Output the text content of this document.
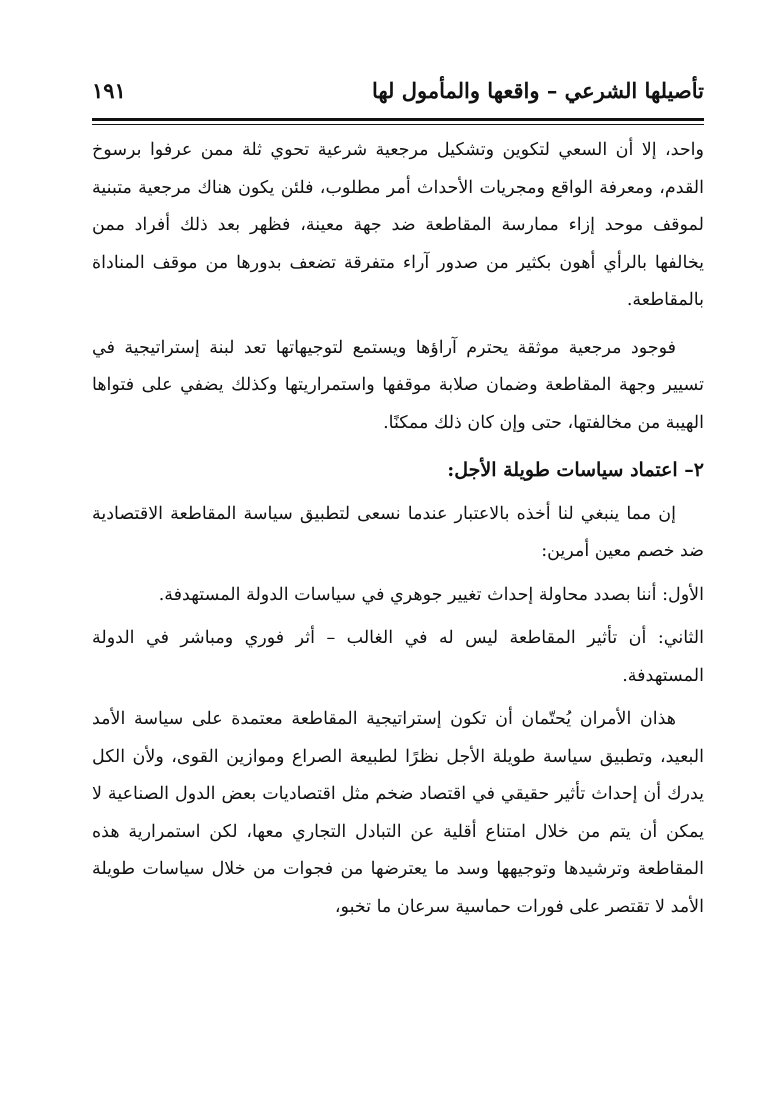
تأصيلها الشرعي – واقعها والمأمول لها
١٩١

واحد، إلا أن السعي لتكوين وتشكيل مرجعية شرعية تحوي ثلة ممن عرفوا برسوخ القدم، ومعرفة الواقع ومجريات الأحداث أمر مطلوب، فلئن يكون هناك مرجعية متبنية لموقف موحد إزاء ممارسة المقاطعة ضد جهة معينة، فظهر بعد ذلك أفراد ممن يخالفها بالرأي أهون بكثير من صدور آراء متفرقة تضعف بدورها من موقف المناداة بالمقاطعة.

فوجود مرجعية موثقة يحترم آراؤها ويستمع لتوجيهاتها تعد لبنة إستراتيجية في تسيير وجهة المقاطعة وضمان صلابة موقفها واستمراريتها وكذلك يضفي على فتواها الهيبة من مخالفتها، حتى وإن كان ذلك ممكنًا.

٢– اعتماد سياسات طويلة الأجل:

إن مما ينبغي لنا أخذه بالاعتبار عندما نسعى لتطبيق سياسة المقاطعة الاقتصادية ضد خصم معين أمرين:

الأول: أننا بصدد محاولة إحداث تغيير جوهري في سياسات الدولة المستهدفة.

الثاني: أن تأثير المقاطعة ليس له في الغالب – أثر فوري ومباشر في الدولة المستهدفة.

هذان الأمران يُحتّمان أن تكون إستراتيجية المقاطعة معتمدة على سياسة الأمد البعيد، وتطبيق سياسة طويلة الأجل نظرًا لطبيعة الصراع وموازين القوى، ولأن الكل يدرك أن إحداث تأثير حقيقي في اقتصاد ضخم مثل اقتصاديات بعض الدول الصناعية لا يمكن أن يتم من خلال امتناع أقلية عن التبادل التجاري معها، لكن استمرارية هذه المقاطعة وترشيدها وتوجيهها وسد ما يعترضها من فجوات من خلال سياسات طويلة الأمد لا تقتصر على فورات حماسية سرعان ما تخبو،
